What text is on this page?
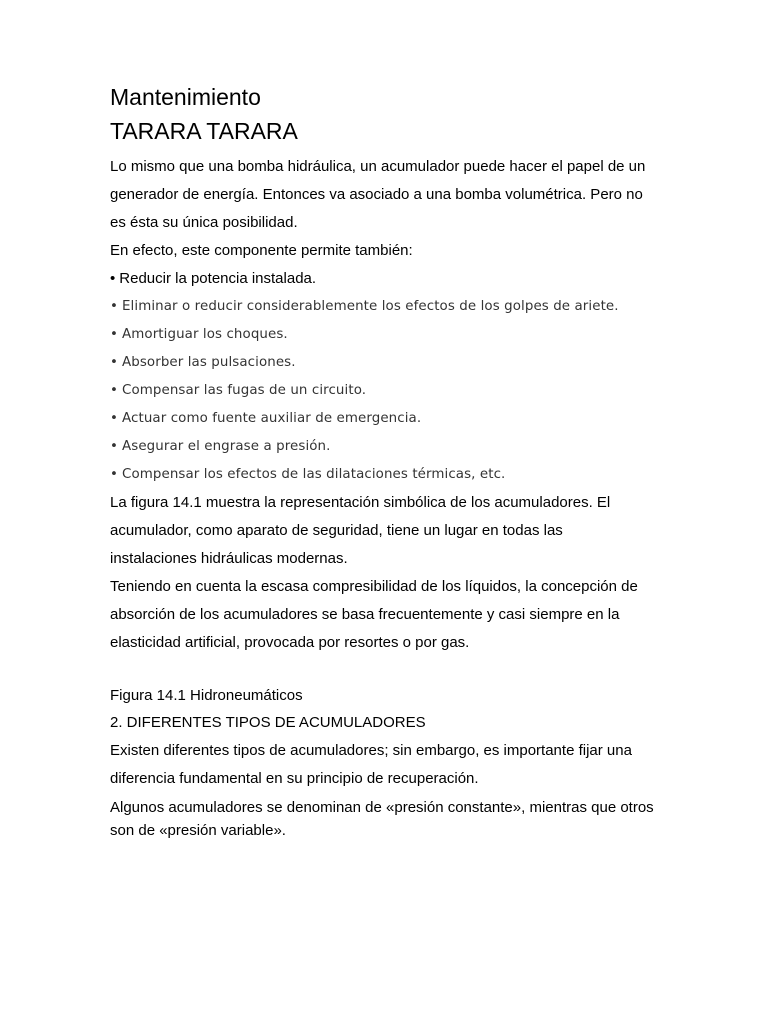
Mantenimiento
TARARA TARARA

Lo mismo que una bomba hidráulica, un acumulador puede hacer el papel de un

generador de energía. Entonces va asociado a una bomba volumétrica. Pero no

es ésta su única posibilidad.

En efecto, este componente permite también:

• Reducir la potencia instalada.
• Eliminar o reducir considerablemente los efectos de los golpes de ariete.
• Amortiguar los choques.
• Absorber las pulsaciones.
• Compensar las fugas de un circuito.
• Actuar como fuente auxiliar de emergencia.
• Asegurar el engrase a presión.
• Compensar los efectos de las dilataciones térmicas, etc.

La figura 14.1 muestra la representación simbólica de los acumuladores. El

acumulador, como aparato de seguridad, tiene un lugar en todas las

instalaciones hidráulicas modernas.

Teniendo en cuenta la escasa compresibilidad de los líquidos, la concepción de

absorción de los acumuladores se basa frecuentemente y casi siempre en la

elasticidad artificial, provocada por resortes o por gas.

Figura 14.1 Hidroneumáticos

2. DIFERENTES TIPOS DE ACUMULADORES

Existen diferentes tipos de acumuladores; sin embargo, es importante fijar una

diferencia fundamental en su principio de recuperación.

Algunos acumuladores se denominan de «presión constante», mientras que otros

son de «presión variable».
